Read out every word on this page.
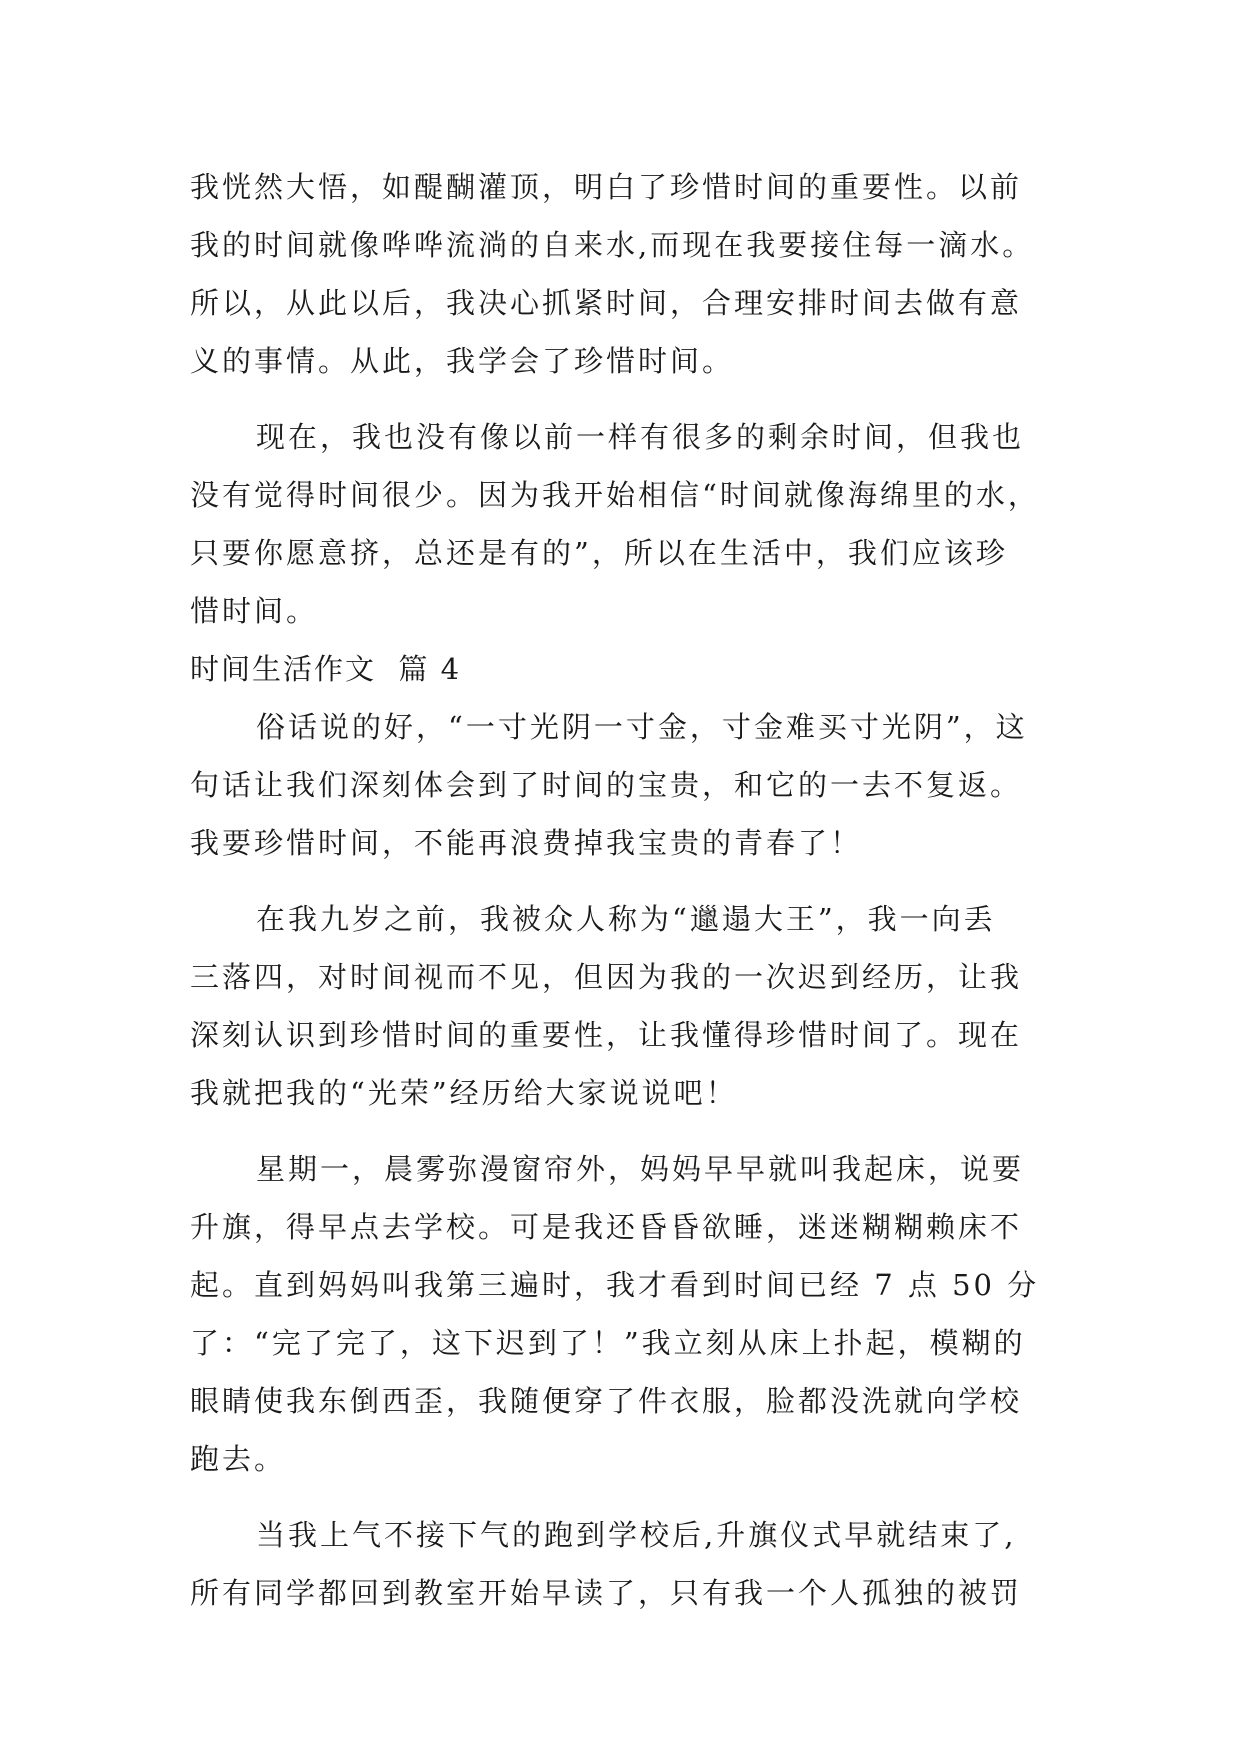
我恍然大悟，如醍醐灌顶，明白了珍惜时间的重要性。以前
我的时间就像哗哗流淌的自来水,而现在我要接住每一滴水。
所以，从此以后，我决心抓紧时间，合理安排时间去做有意
义的事情。从此，我学会了珍惜时间。
现在，我也没有像以前一样有很多的剩余时间，但我也
没有觉得时间很少。因为我开始相信“时间就像海绵里的水，
只要你愿意挤，总还是有的”，所以在生活中，我们应该珍
惜时间。
时间生活作文  篇 4
俗话说的好，“一寸光阴一寸金，寸金难买寸光阴”，这
句话让我们深刻体会到了时间的宝贵，和它的一去不复返。
我要珍惜时间，不能再浪费掉我宝贵的青春了！
在我九岁之前，我被众人称为“邋遢大王”，我一向丢
三落四，对时间视而不见，但因为我的一次迟到经历，让我
深刻认识到珍惜时间的重要性，让我懂得珍惜时间了。现在
我就把我的“光荣”经历给大家说说吧！
星期一，晨雾弥漫窗帘外，妈妈早早就叫我起床，说要
升旗，得早点去学校。可是我还昏昏欲睡，迷迷糊糊赖床不
起。直到妈妈叫我第三遍时，我才看到时间已经 7 点 50 分
了：“完了完了，这下迟到了！”我立刻从床上扑起，模糊的
眼睛使我东倒西歪，我随便穿了件衣服，脸都没洗就向学校
跑去。
当我上气不接下气的跑到学校后,升旗仪式早就结束了,
所有同学都回到教室开始早读了，只有我一个人孤独的被罚
